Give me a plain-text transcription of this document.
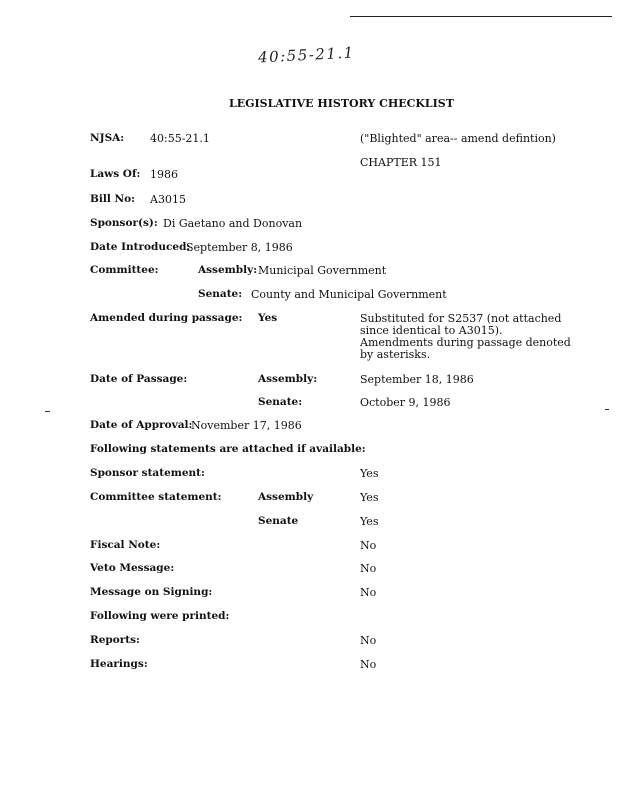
40:55-21.1
LEGISLATIVE HISTORY CHECKLIST
NJSA: 40:55-21.1	("Blighted" area-- amend defintion)
CHAPTER 151
Laws Of: 1986
Bill No: A3015
Sponsor(s): Di Gaetano and Donovan
Date Introduced:
September 8, 1986
Committee:	Assembly: Municipal Government
Senate: County and Municipal Government
Amended during passage: Yes	Substituted for S2537 (not attached
since identical to A3015).
Amendments during passage denoted
by asterisks.
Date of Passage:	Assembly:	September 18, 1986
Senate:	October 9, 1986
Date of Approval:
November 17, 1986
Following statements are attached if available:
Sponsor statement:	Yes
Committee statement:	Assembly	Yes
Senate	Yes
Fiscal Note:	No
Veto Message:	No
Message on Signing:	No
Following were printed:
Reports:	No
Hearings:	No
